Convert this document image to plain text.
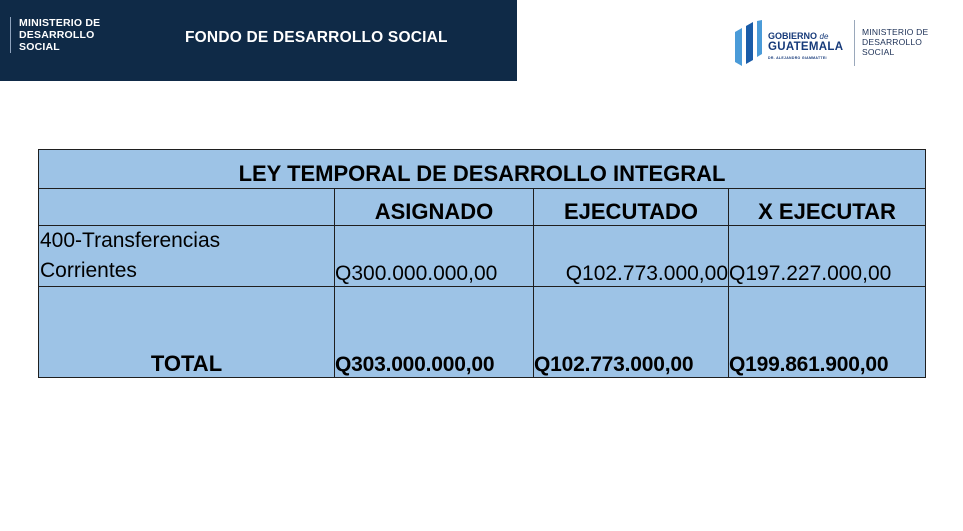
MINISTERIO DE
DESARROLLO
SOCIAL
FONDO DE DESARROLLO SOCIAL	GOBIERNO de
GUATEMALA
DR. ALEJANDRO GIAMMATTEI
MINISTERIO DE
DESARROLLO
SOCIAL
LEY TEMPORAL DE DESARROLLO INTEGRAL			
	ASIGNADO	EJECUTADO	X EJECUTAR

400-Transferencias
Corrientes	Q300.000.000,00	Q102.773.000,00	Q197.227.000,00
TOTAL	Q303.000.000,00	Q102.773.000,00	Q199.861.900,00
